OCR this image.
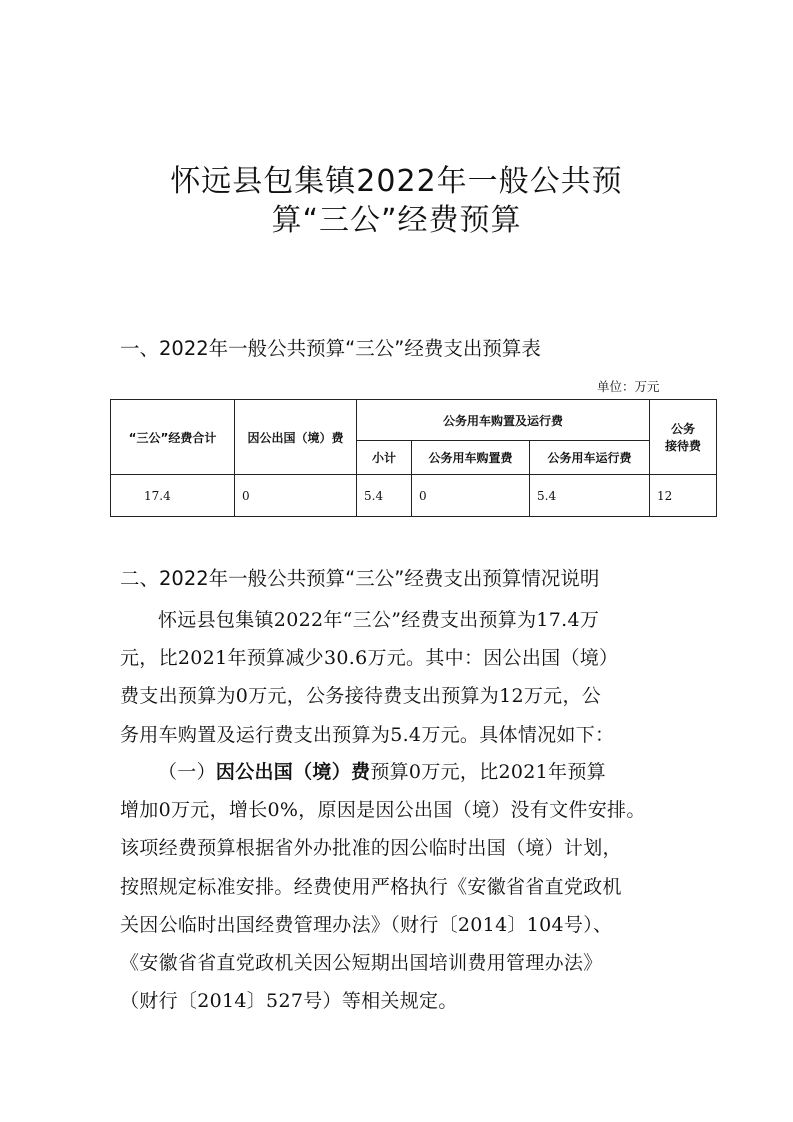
怀远县包集镇2022年一般公共预
算“三公”经费预算
一、2022年一般公共预算“三公”经费支出预算表
单位：万元
“三公”经费合计	因公出国（境）费	公务用车购置及运行费			公务
接待费
		小计	公务用车购置费	公务用车运行费	
17.4	0	5.4	0	5.4	12
二、2022年一般公共预算“三公”经费支出预算情况说明
怀远县包集镇2022年“三公”经费支出预算为17.4万
元，比2021年预算减少30.6万元。其中：因公出国（境）
费支出预算为0万元，公务接待费支出预算为12万元，公
务用车购置及运行费支出预算为5.4万元。具体情况如下：
（一）因公出国（境）费预算0万元，比2021年预算
增加0万元，增长0%，原因是因公出国（境）没有文件安排。
该项经费预算根据省外办批准的因公临时出国（境）计划，
按照规定标准安排。经费使用严格执行《安徽省省直党政机
关因公临时出国经费管理办法》（财行〔2014〕104号）、
《安徽省省直党政机关因公短期出国培训费用管理办法》
（财行〔2014〕527号）等相关规定。
